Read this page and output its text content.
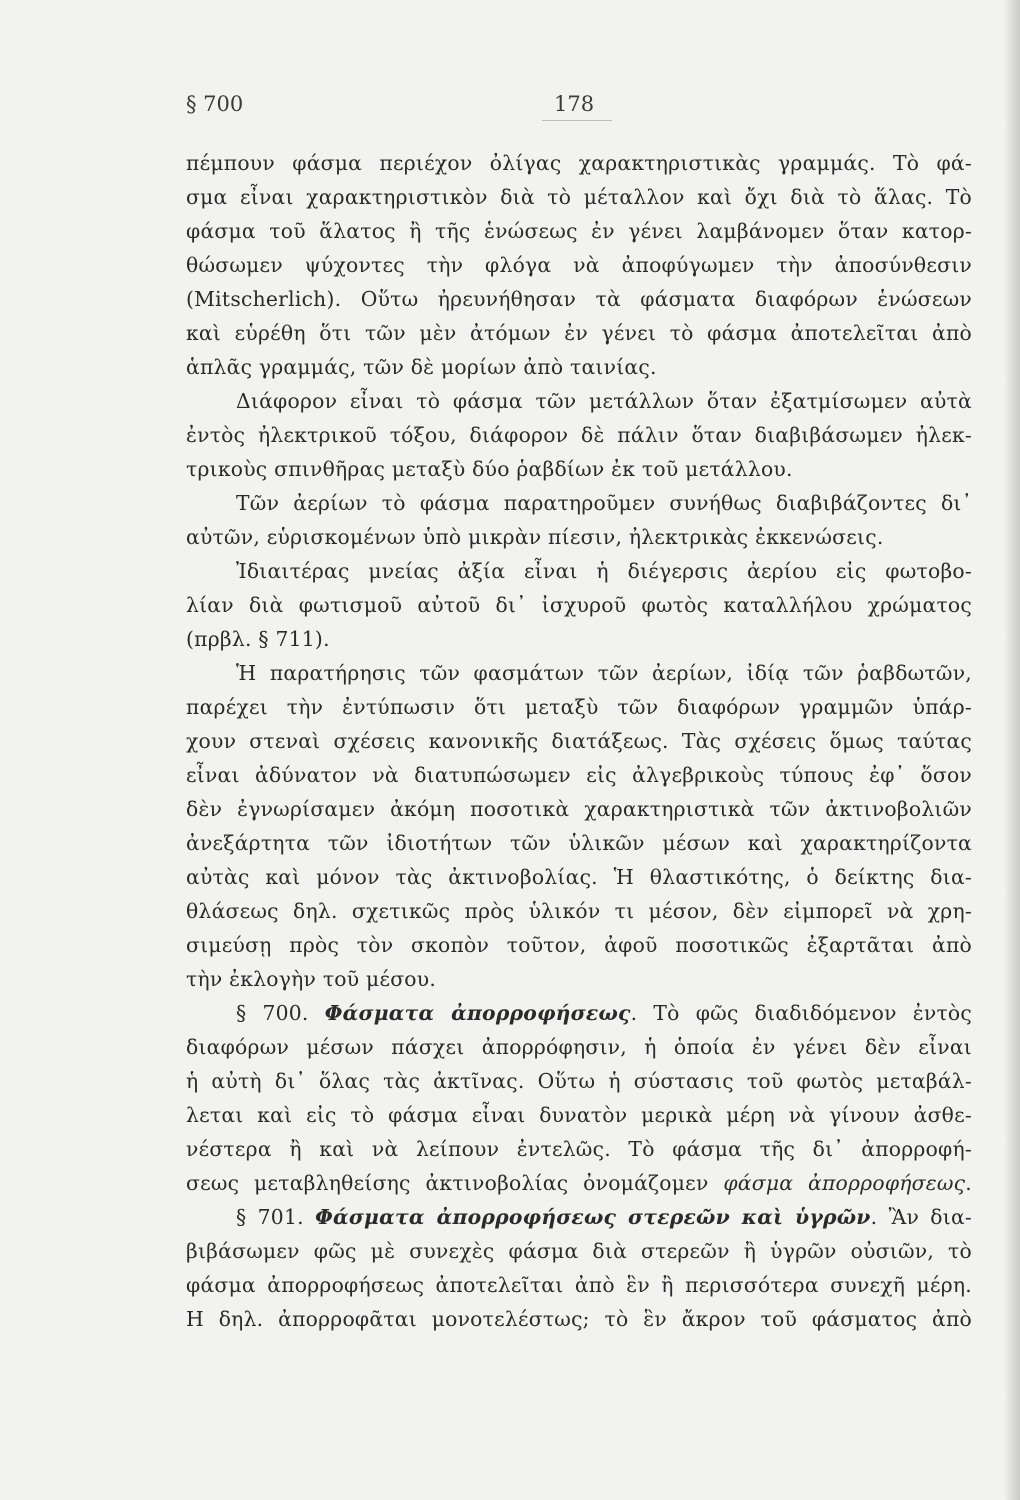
§ 700	178
πέμπουν φάσμα περιέχον ὀλίγας χαρακτηριστικὰς γραμμάς. Τὸ φά-
σμα εἶναι χαρακτηριστικὸν διὰ τὸ μέταλλον καὶ ὄχι διὰ τὸ ἅλας. Τὸ
φάσμα τοῦ ἅλατος ἢ τῆς ἑνώσεως ἐν γένει λαμβάνομεν ὅταν κατορ-
θώσωμεν ψύχοντες τὴν φλόγα νὰ ἀποφύγωμεν τὴν ἀποσύνθεσιν
(Mitscherlich). Οὕτω ἠρευνήθησαν τὰ φάσματα διαφόρων ἑνώσεων
καὶ εὑρέθη ὅτι τῶν μὲν ἀτόμων ἐν γένει τὸ φάσμα ἀποτελεῖται ἀπὸ
ἁπλᾶς γραμμάς, τῶν δὲ μορίων ἀπὸ ταινίας.
Διάφορον εἶναι τὸ φάσμα τῶν μετάλλων ὅταν ἐξατμίσωμεν αὐτὰ
ἐντὸς ἠλεκτρικοῦ τόξου, διάφορον δὲ πάλιν ὅταν διαβιβάσωμεν ἠλεκ-
τρικοὺς σπινθῆρας μεταξὺ δύο ῥαβδίων ἐκ τοῦ μετάλλου.
Τῶν ἀερίων τὸ φάσμα παρατηροῦμεν συνήθως διαβιβάζοντες δι᾽
αὐτῶν, εὑρισκομένων ὑπὸ μικρὰν πίεσιν, ἠλεκτρικὰς ἐκκενώσεις.
Ἰδιαιτέρας μνείας ἀξία εἶναι ἡ διέγερσις ἀερίου εἰς φωτοβο-
λίαν διὰ φωτισμοῦ αὐτοῦ δι᾽ ἰσχυροῦ φωτὸς καταλλήλου χρώματος
(πρβλ. § 711).
Ἡ παρατήρησις τῶν φασμάτων τῶν ἀερίων, ἰδίᾳ τῶν ῥαβδωτῶν,
παρέχει τὴν ἐντύπωσιν ὅτι μεταξὺ τῶν διαφόρων γραμμῶν ὑπάρ-
χουν στεναὶ σχέσεις κανονικῆς διατάξεως. Τὰς σχέσεις ὅμως ταύτας
εἶναι ἀδύνατον νὰ διατυπώσωμεν εἰς ἀλγεβρικοὺς τύπους ἐφ᾽ ὅσον
δὲν ἐγνωρίσαμεν ἀκόμη ποσοτικὰ χαρακτηριστικὰ τῶν ἀκτινοβολιῶν
ἀνεξάρτητα τῶν ἰδιοτήτων τῶν ὑλικῶν μέσων καὶ χαρακτηρίζοντα
αὐτὰς καὶ μόνον τὰς ἀκτινοβολίας. Ἡ θλαστικότης, ὁ δείκτης δια-
θλάσεως δηλ. σχετικῶς πρὸς ὑλικόν τι μέσον, δὲν εἰμπορεῖ νὰ χρη-
σιμεύσῃ πρὸς τὸν σκοπὸν τοῦτον, ἀφοῦ ποσοτικῶς ἐξαρτᾶται ἀπὸ
τὴν ἐκλογὴν τοῦ μέσου.
§ 700. Φάσματα ἀπορροφήσεως. Τὸ φῶς διαδιδόμενον ἐντὸς
διαφόρων μέσων πάσχει ἀπορρόφησιν, ἡ ὁποία ἐν γένει δὲν εἶναι
ἡ αὐτὴ δι᾽ ὅλας τὰς ἀκτῖνας. Οὕτω ἡ σύστασις τοῦ φωτὸς μεταβάλ-
λεται καὶ εἰς τὸ φάσμα εἶναι δυνατὸν μερικὰ μέρη νὰ γίνουν ἀσθε-
νέστερα ἢ καὶ νὰ λείπουν ἐντελῶς. Τὸ φάσμα τῆς δι᾽ ἀπορροφή-
σεως μεταβληθείσης ἀκτινοβολίας ὀνομάζομεν φάσμα ἀπορροφήσεως.
§ 701. Φάσματα ἀπορροφήσεως στερεῶν καὶ ὑγρῶν. Ἂν δια-
βιβάσωμεν φῶς μὲ συνεχὲς φάσμα διὰ στερεῶν ἢ ὑγρῶν οὐσιῶν, τὸ
φάσμα ἀπορροφήσεως ἀποτελεῖται ἀπὸ ἓν ἢ περισσότερα συνεχῆ μέρη.
Η δηλ. ἀπορροφᾶται μονοτελέστως; τὸ ἓν ἄκρον τοῦ φάσματος ἀπὸ
